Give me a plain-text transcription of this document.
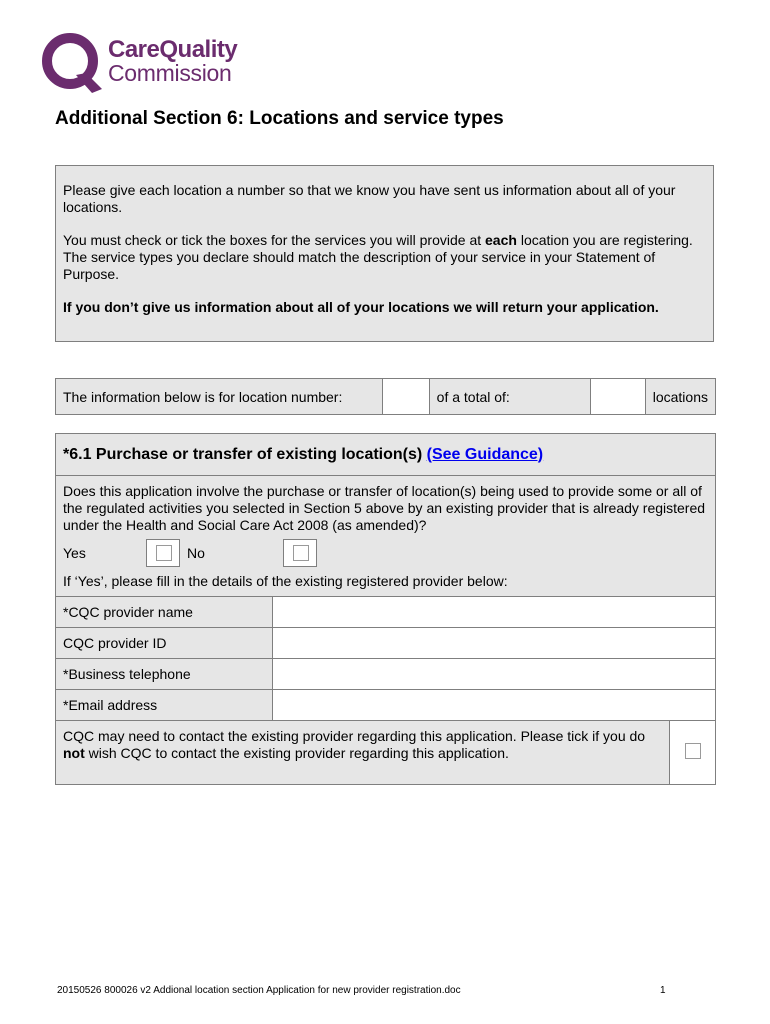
CareQuality
Commission
Additional Section 6: Locations and service types

Please give each location a number so that we know you have sent us information about all of your locations.

You must check or tick the boxes for the services you will provide at each location you are registering. The service types you declare should match the description of your service in your Statement of Purpose.

If you don’t give us information about all of your locations we will return your application.

The information below is for location number:		of a total of:		locations
*6.1 Purchase or transfer of existing location(s) (See Guidance)		

Does this application involve the purchase or transfer of location(s) being used to provide some or all of the regulated activities you selected in Section 5 above by an existing provider that is already registered under the Health and Social Care Act 2008 (as amended)?
Yes No
If ‘Yes’, please fill in the details of the existing registered provider below:		

*CQC provider name		
CQC provider ID		
*Business telephone		
*Email address		
CQC may need to contact the existing provider regarding this application. Please tick if you do not wish CQC to contact the existing provider regarding this application.		
20150526 800026 v2 Addional location section Application for new provider registration.doc	1
